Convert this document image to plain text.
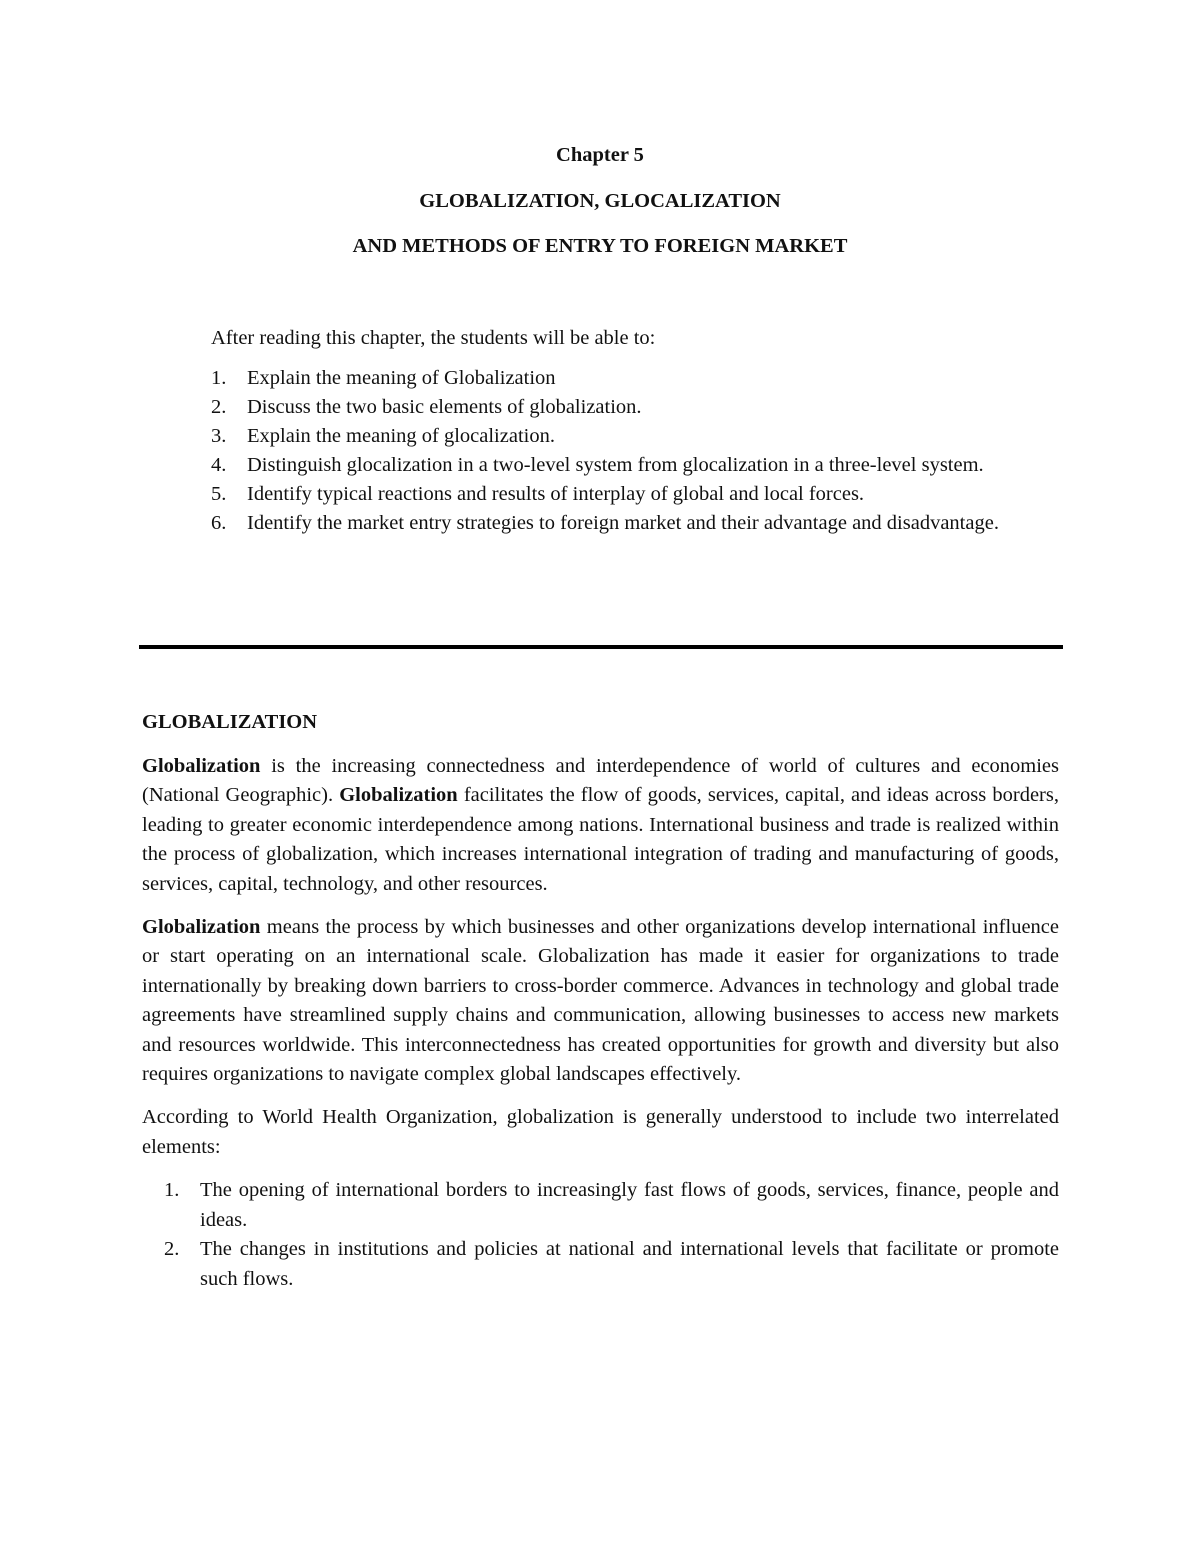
Chapter 5

GLOBALIZATION, GLOCALIZATION

AND METHODS OF ENTRY TO FOREIGN MARKET

After reading this chapter, the students will be able to:

1. Explain the meaning of Globalization
2. Discuss the two basic elements of globalization.
3. Explain the meaning of glocalization.
4. Distinguish glocalization in a two-level system from glocalization in a three-level system.
5. Identify typical reactions and results of interplay of global and local forces.
6. Identify the market entry strategies to foreign market and their advantage and disadvantage.
GLOBALIZATION

Globalization is the increasing connectedness and interdependence of world of cultures and economies (National Geographic). Globalization facilitates the flow of goods, services, capital, and ideas across borders, leading to greater economic interdependence among nations. International business and trade is realized within the process of globalization, which increases international integration of trading and manufacturing of goods, services, capital, technology, and other resources.

Globalization means the process by which businesses and other organizations develop international influence or start operating on an international scale. Globalization has made it easier for organizations to trade internationally by breaking down barriers to cross-border commerce. Advances in technology and global trade agreements have streamlined supply chains and communication, allowing businesses to access new markets and resources worldwide. This interconnectedness has created opportunities for growth and diversity but also requires organizations to navigate complex global landscapes effectively.

According to World Health Organization, globalization is generally understood to include two interrelated elements:

1. The opening of international borders to increasingly fast flows of goods, services, finance, people and ideas.
2. The changes in institutions and policies at national and international levels that facilitate or promote such flows.
